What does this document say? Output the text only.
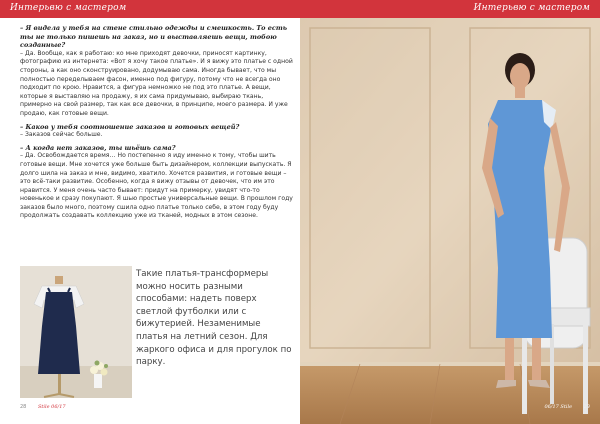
Интерьвю с мастером	Интерьвю с мастером

– Я видела у тебя на стене стильно одежды и смешкость. То есть ты не только пишешь на заказ, но и выставляешь вещи, тобою созданные?

– Да. Вообще, как я работаю: ко мне приходят девочки, приносят картинку, фотографию из интернета: «Вот я хочу такое платье». И я вижу это платье с одной стороны, а как оно сконструировано, додумываю сама. Иногда бывает, что мы полностью переделываем фасон, именно под фигуру, потому что не всегда оно подходит по крою. Нравится, а фигура немножко не под это платье. А вещи, которые я выставляю на продажу, я их сама придумываю, выбираю ткань, примерно на свой размер, так как все девочки, в принципе, моего размера. И уже продаю, как готовые вещи.

– Каков у тебя соотношение заказов и готовых вещей?

– Заказов сейчас больше.

– А когда нет заказов, ты шьёшь сама?

– Да. Освобождается время… Но постепенно я иду именно к тому, чтобы шить готовые вещи. Мне хочется уже больше быть дизайнером, коллекции выпускать. Я долго шила на заказ и мне, видимо, хватило. Хочется развития, и готовые вещи – это всё-таки развитие. Особенно, когда я вижу отзывы от девочек, что им это нравится. У меня очень часто бывает: придут на примерку, увидят что-то новенькое и сразу покупают. Я шью простые универсальные вещи. В прошлом году заказов было много, поэтому сшила одно платье только себе, в этом году буду продолжать создавать коллекцию уже из тканей, модных в этом сезоне.

Такие платья-трансформеры можно носить разными способами: надеть поверх светлой футболки или с бижутерией. Незаменимые платья на летний сезон. Для жаркого офиса и для прогулок по парку.
28 Stile 06/17	06/17 Stile 29
